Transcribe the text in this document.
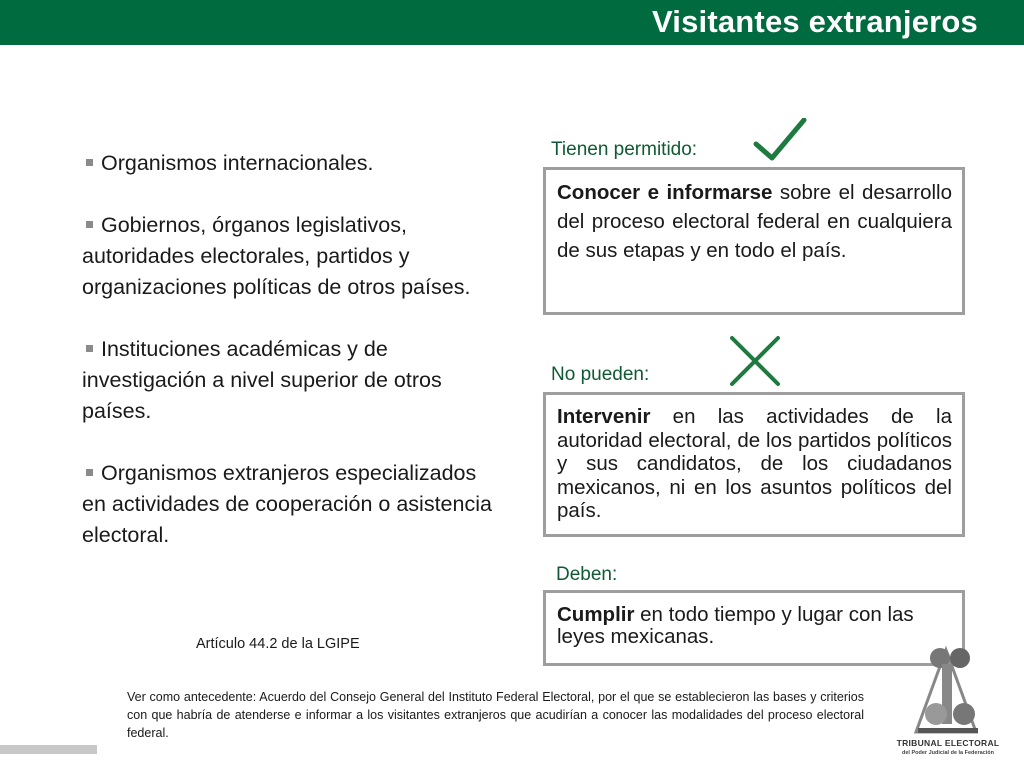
Visitantes extranjeros
Organismos internacionales.
Gobiernos, órganos legislativos, autoridades electorales, partidos y organizaciones políticas de otros países.
Instituciones académicas y de investigación a nivel superior de otros países.
Organismos extranjeros especializados en actividades de cooperación o asistencia electoral.
Artículo 44.2 de la LGIPE
Tienen permitido:
Conocer e informarse sobre el desarrollo del proceso electoral federal en cualquiera de sus etapas y en todo el país.
No pueden:
Intervenir en las actividades de la autoridad electoral, de los partidos políticos y sus candidatos, de los ciudadanos mexicanos, ni en los asuntos políticos del país.
Deben:
Cumplir en todo tiempo y lugar con las leyes mexicanas.
Ver como antecedente: Acuerdo del Consejo General del Instituto Federal Electoral, por el que se establecieron las bases y criterios con que habría de atenderse e informar a los visitantes extranjeros que acudirían a conocer las modalidades del proceso electoral federal.
TRIBUNAL ELECTORAL
del Poder Judicial de la Federación
